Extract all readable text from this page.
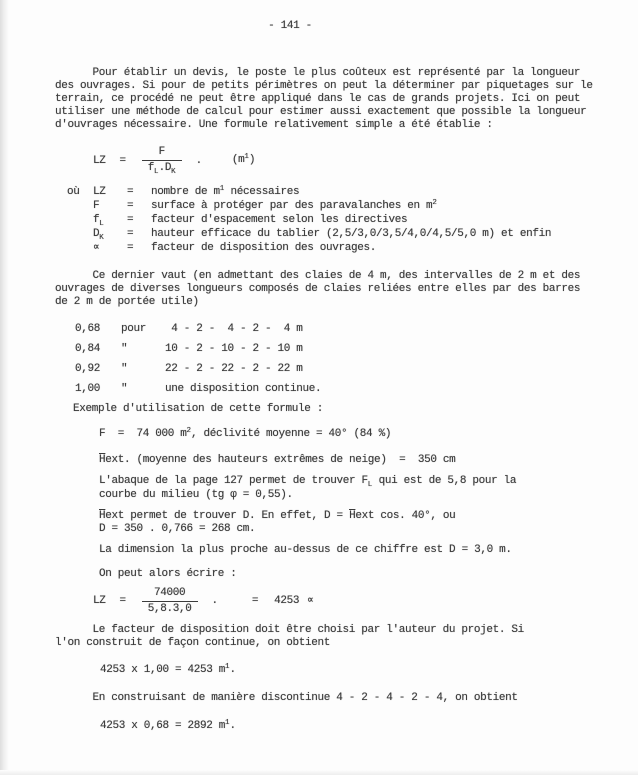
- 141 -
Pour établir un devis, le poste le plus coûteux est représenté par la longueur
des ouvrages. Si pour de petits périmètres on peut la déterminer par piquetages sur le
terrain, ce procédé ne peut être appliqué dans le cas de grands projets. Ici on peut
utiliser une méthode de calcul pour estimer aussi exactement que possible la longueur
d'ouvrages nécessaire. Une formule relativement simple a été établie :
LZ = $\frac{F}{f_L.D_K}$ .	$(m^1)$
où	LZ	=	nombre de $m^1$ nécessaires
F	=	surface à protéger par des paravalanches en $m^2$
$f_L$	=	facteur d'espacement selon les directives
$D_K$	=	hauteur efficace du tablier (2,5/3,0/3,5/4,0/4,5/5,0 m) et enfin
∝	=	facteur de disposition des ouvrages.
Ce dernier vaut (en admettant des claies de 4 m, des intervalles de 2 m et des
ouvrages de diverses longueurs composés de claies reliées entre elles par des barres
de 2 m de portée utile)
0,68	pour	4 - 2 -  4 - 2 -  4 m
0,84	"	10 - 2 - 10 - 2 - 10 m
0,92	"	22 - 2 - 22 - 2 - 22 m
1,00	"	une disposition continue.
Exemple d'utilisation de cette formule :
F  =  74 000 $m^2$, déclivité moyenne = 40° (84 %)
$\overline{H}ext$. (moyenne des hauteurs extrêmes de neige)  =  350 cm
L'abaque de la page 127 permet de trouver $F_L$ qui est de 5,8 pour la
courbe du milieu (tg φ = 0,55).
$\overline{H}ext$ permet de trouver D. En effet, $D = \overline{H}ext$ cos. 40°, ou
D = 350 . 0,766 = 268 cm.
La dimension la plus proche au-dessus de ce chiffre est D = 3,0 m.
On peut alors écrire :
LZ = $\frac{74000}{5,8.3,0}$ .	= 4253 ∝
Le facteur de disposition doit être choisi par l'auteur du projet. Si
l'on construit de façon continue, on obtient
4253 x 1,00 = 4253 $m^1$.
En construisant de manière discontinue 4 - 2 - 4 - 2 - 4, on obtient
4253 x 0,68 = 2892 $m^1$.
